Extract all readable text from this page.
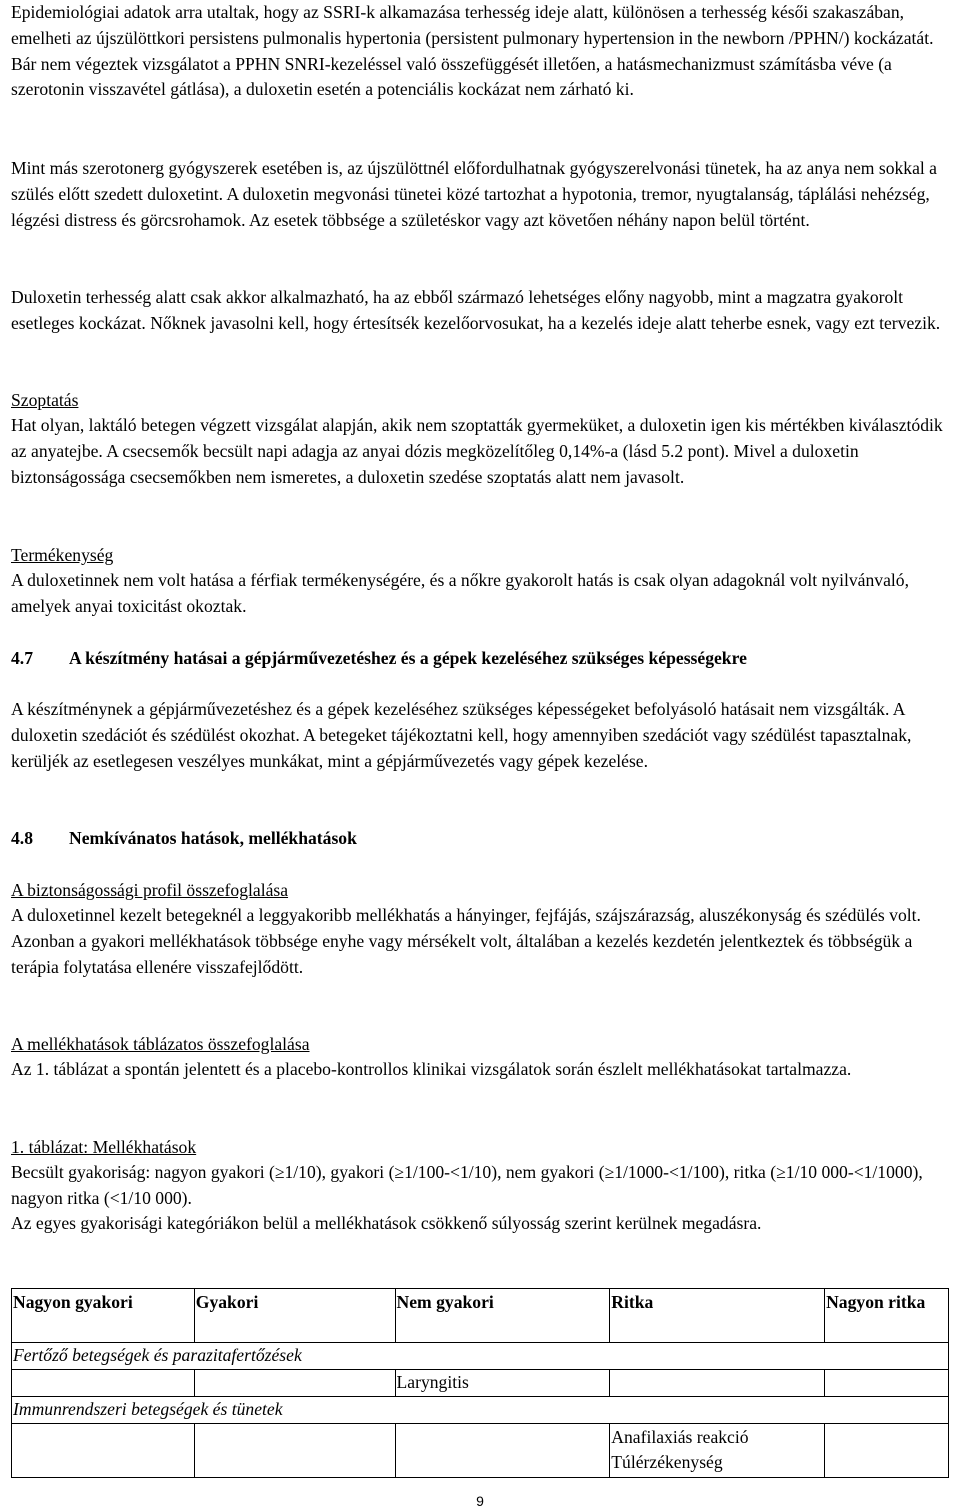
Epidemiológiai adatok arra utaltak, hogy az SSRI-k alkamazása terhesség ideje alatt, különösen a terhesség késői szakaszában, emelheti az újszülöttkori persistens pulmonalis hypertonia (persistent pulmonary hypertension in the newborn /PPHN/) kockázatát. Bár nem végeztek vizsgálatot a PPHN SNRI-kezeléssel való összefüggését illetően, a hatásmechanizmust számításba véve (a szerotonin visszavétel gátlása), a duloxetin esetén a potenciális kockázat nem zárható ki.

Mint más szerotonerg gyógyszerek esetében is, az újszülöttnél előfordulhatnak gyógyszerelvonási tünetek, ha az anya nem sokkal a szülés előtt szedett duloxetint. A duloxetin megvonási tünetei közé tartozhat a hypotonia, tremor, nyugtalanság, táplálási nehézség, légzési distress és görcsrohamok. Az esetek többsége a születéskor vagy azt követően néhány napon belül történt.

Duloxetin terhesség alatt csak akkor alkalmazható, ha az ebből származó lehetséges előny nagyobb, mint a magzatra gyakorolt esetleges kockázat. Nőknek javasolni kell, hogy értesítsék kezelőorvosukat, ha a kezelés ideje alatt teherbe esnek, vagy ezt tervezik.

Szoptatás

Hat olyan, laktáló betegen végzett vizsgálat alapján, akik nem szoptatták gyermeküket, a duloxetin igen kis mértékben kiválasztódik az anyatejbe. A csecsemők becsült napi adagja az anyai dózis megközelítőleg 0,14%-a (lásd 5.2 pont). Mivel a duloxetin biztonságossága csecsemőkben nem ismeretes, a duloxetin szedése szoptatás alatt nem javasolt.

Termékenység

A duloxetinnek nem volt hatása a férfiak termékenységére, és a nőkre gyakorolt hatás is csak olyan adagoknál volt nyilvánvaló, amelyek anyai toxicitást okoztak.

4.7 A készítmény hatásai a gépjárművezetéshez és a gépek kezeléséhez szükséges képességekre

A készítménynek a gépjárművezetéshez és a gépek kezeléséhez szükséges képességeket befolyásoló hatásait nem vizsgálták. A duloxetin szedációt és szédülést okozhat. A betegeket tájékoztatni kell, hogy amennyiben szedációt vagy szédülést tapasztalnak, kerüljék az esetlegesen veszélyes munkákat, mint a gépjárművezetés vagy gépek kezelése.

4.8 Nemkívánatos hatások, mellékhatások

A biztonságossági profil összefoglalása

A duloxetinnel kezelt betegeknél a leggyakoribb mellékhatás a hányinger, fejfájás, szájszárazság, aluszékonyság és szédülés volt. Azonban a gyakori mellékhatások többsége enyhe vagy mérsékelt volt, általában a kezelés kezdetén jelentkeztek és többségük a terápia folytatása ellenére visszafejlődött.

A mellékhatások táblázatos összefoglalása

Az 1. táblázat a spontán jelentett és a placebo-kontrollos klinikai vizsgálatok során észlelt mellékhatásokat tartalmazza.

1. táblázat: Mellékhatások

Becsült gyakoriság: nagyon gyakori (≥1/10), gyakori (≥1/100-<1/10), nem gyakori (≥1/1000-<1/100), ritka (≥1/10 000-<1/1000), nagyon ritka (<1/10 000).

Az egyes gyakorisági kategóriákon belül a mellékhatások csökkenő súlyosság szerint kerülnek megadásra.

Nagyon gyakori	Gyakori	Nem gyakori	Ritka	Nagyon ritka
Fertőző betegségek és parazitafertőzések				
		Laryngitis		
Immunrendszeri betegségek és tünetek				
			Anafilaxiás reakció
Túlérzékenység	
9
